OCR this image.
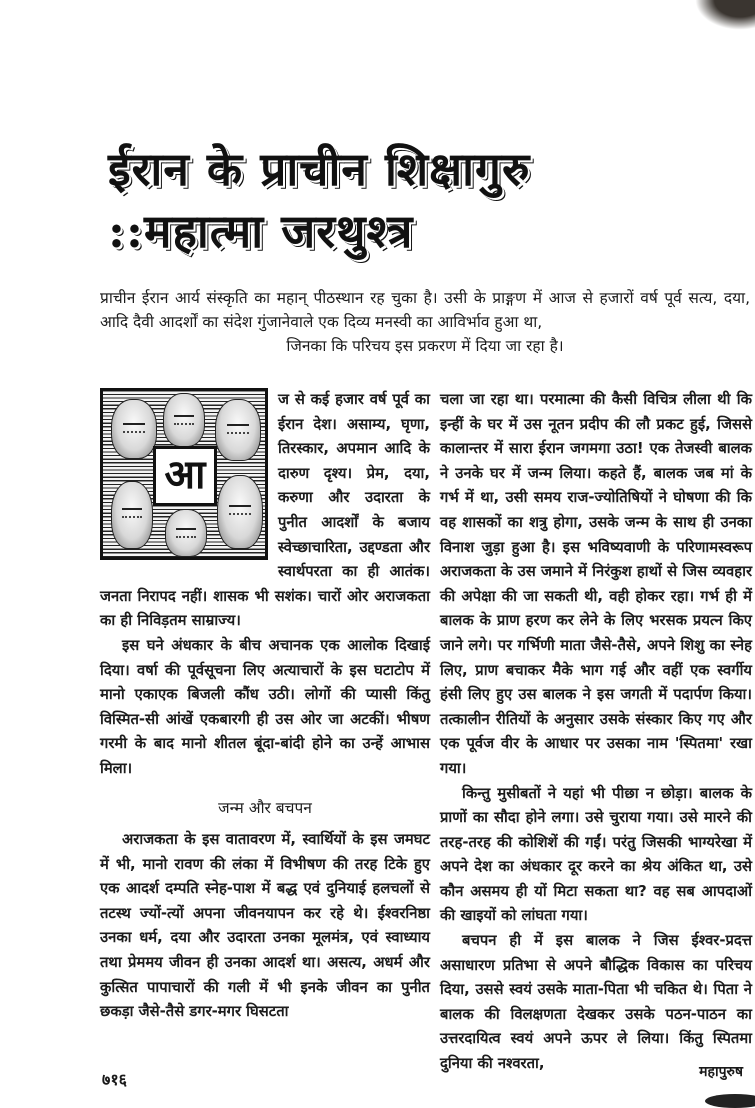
ईरान के प्राचीन शिक्षागुरु
::महात्मा जरथुश्त्र
प्राचीन ईरान आर्य संस्कृति का महान् पीठस्थान रह चुका है। उसी के प्राङ्गण में आज से हजारों वर्ष पूर्व सत्य, दया, आदि दैवी आदर्शों का संदेश गुंजानेवाले एक दिव्य मनस्वी का आविर्भाव हुआ था,
जिनका कि परिचय इस प्रकरण में दिया जा रहा है।
आ

ज से कई हजार वर्ष पूर्व का ईरान देश। असाम्य, घृणा, तिरस्कार, अपमान आदि के दारुण दृश्य। प्रेम, दया, करुणा और उदारता के पुनीत आदर्शों के बजाय स्वेच्छाचारिता, उद्दण्डता और स्वार्थपरता का ही आतंक। जनता निरापद नहीं। शासक भी सशंक। चारों ओर अराजकता का ही निविड़तम साम्राज्य।

इस घने अंधकार के बीच अचानक एक आलोक दिखाई दिया। वर्षा की पूर्वसूचना लिए अत्याचारों के इस घटाटोप में मानो एकाएक बिजली कौंध उठी। लोगों की प्यासी किंतु विस्मित-सी आंखें एकबारगी ही उस ओर जा अटकीं। भीषण गरमी के बाद मानो शीतल बूंदा-बांदी होने का उन्हें आभास मिला।

जन्म और बचपन

अराजकता के इस वातावरण में, स्वार्थियों के इस जमघट में भी, मानो रावण की लंका में विभीषण की तरह टिके हुए एक आदर्श दम्पति स्नेह-पाश में बद्ध एवं दुनियाई हलचलों से तटस्थ ज्यों-त्यों अपना जीवनयापन कर रहे थे। ईश्वरनिष्ठा उनका धर्म, दया और उदारता उनका मूलमंत्र, एवं स्वाध्याय तथा प्रेममय जीवन ही उनका आदर्श था। असत्य, अधर्म और कुत्सित पापाचारों की गली में भी इनके जीवन का पुनीत छकड़ा जैसे-तैसे डगर-मगर घिसटता

चला जा रहा था। परमात्मा की कैसी विचित्र लीला थी कि इन्हीं के घर में उस नूतन प्रदीप की लौ प्रकट हुई, जिससे कालान्तर में सारा ईरान जगमगा उठा! एक तेजस्वी बालक ने उनके घर में जन्म लिया। कहते हैं, बालक जब मां के गर्भ में था, उसी समय राज-ज्योतिषियों ने घोषणा की कि वह शासकों का शत्रु होगा, उसके जन्म के साथ ही उनका विनाश जुड़ा हुआ है। इस भविष्यवाणी के परिणामस्वरूप अराजकता के उस जमाने में निरंकुश हाथों से जिस व्यवहार की अपेक्षा की जा सकती थी, वही होकर रहा। गर्भ ही में बालक के प्राण हरण कर लेने के लिए भरसक प्रयत्न किए जाने लगे। पर गर्भिणी माता जैसे-तैसे, अपने शिशु का स्नेह लिए, प्राण बचाकर मैके भाग गई और वहीं एक स्वर्गीय हंसी लिए हुए उस बालक ने इस जगती में पदार्पण किया। तत्कालीन रीतियों के अनुसार उसके संस्कार किए गए और एक पूर्वज वीर के आधार पर उसका नाम 'स्पितमा' रखा गया।

किन्तु मुसीबतों ने यहां भी पीछा न छोड़ा। बालक के प्राणों का सौदा होने लगा। उसे चुराया गया। उसे मारने की तरह-तरह की कोशिशें की गईं। परंतु जिसकी भाग्यरेखा में अपने देश का अंधकार दूर करने का श्रेय अंकित था, उसे कौन असमय ही यों मिटा सकता था? वह सब आपदाओं की खाइयों को लांघता गया।

बचपन ही में इस बालक ने जिस ईश्वर-प्रदत्त असाधारण प्रतिभा से अपने बौद्धिक विकास का परिचय दिया, उससे स्वयं उसके माता-पिता भी चकित थे। पिता ने बालक की विलक्षणता देखकर उसके पठन-पाठन का उत्तरदायित्व स्वयं अपने ऊपर ले लिया। किंतु स्पितमा दुनिया की नश्वरता,

७१६	महापुरुष
